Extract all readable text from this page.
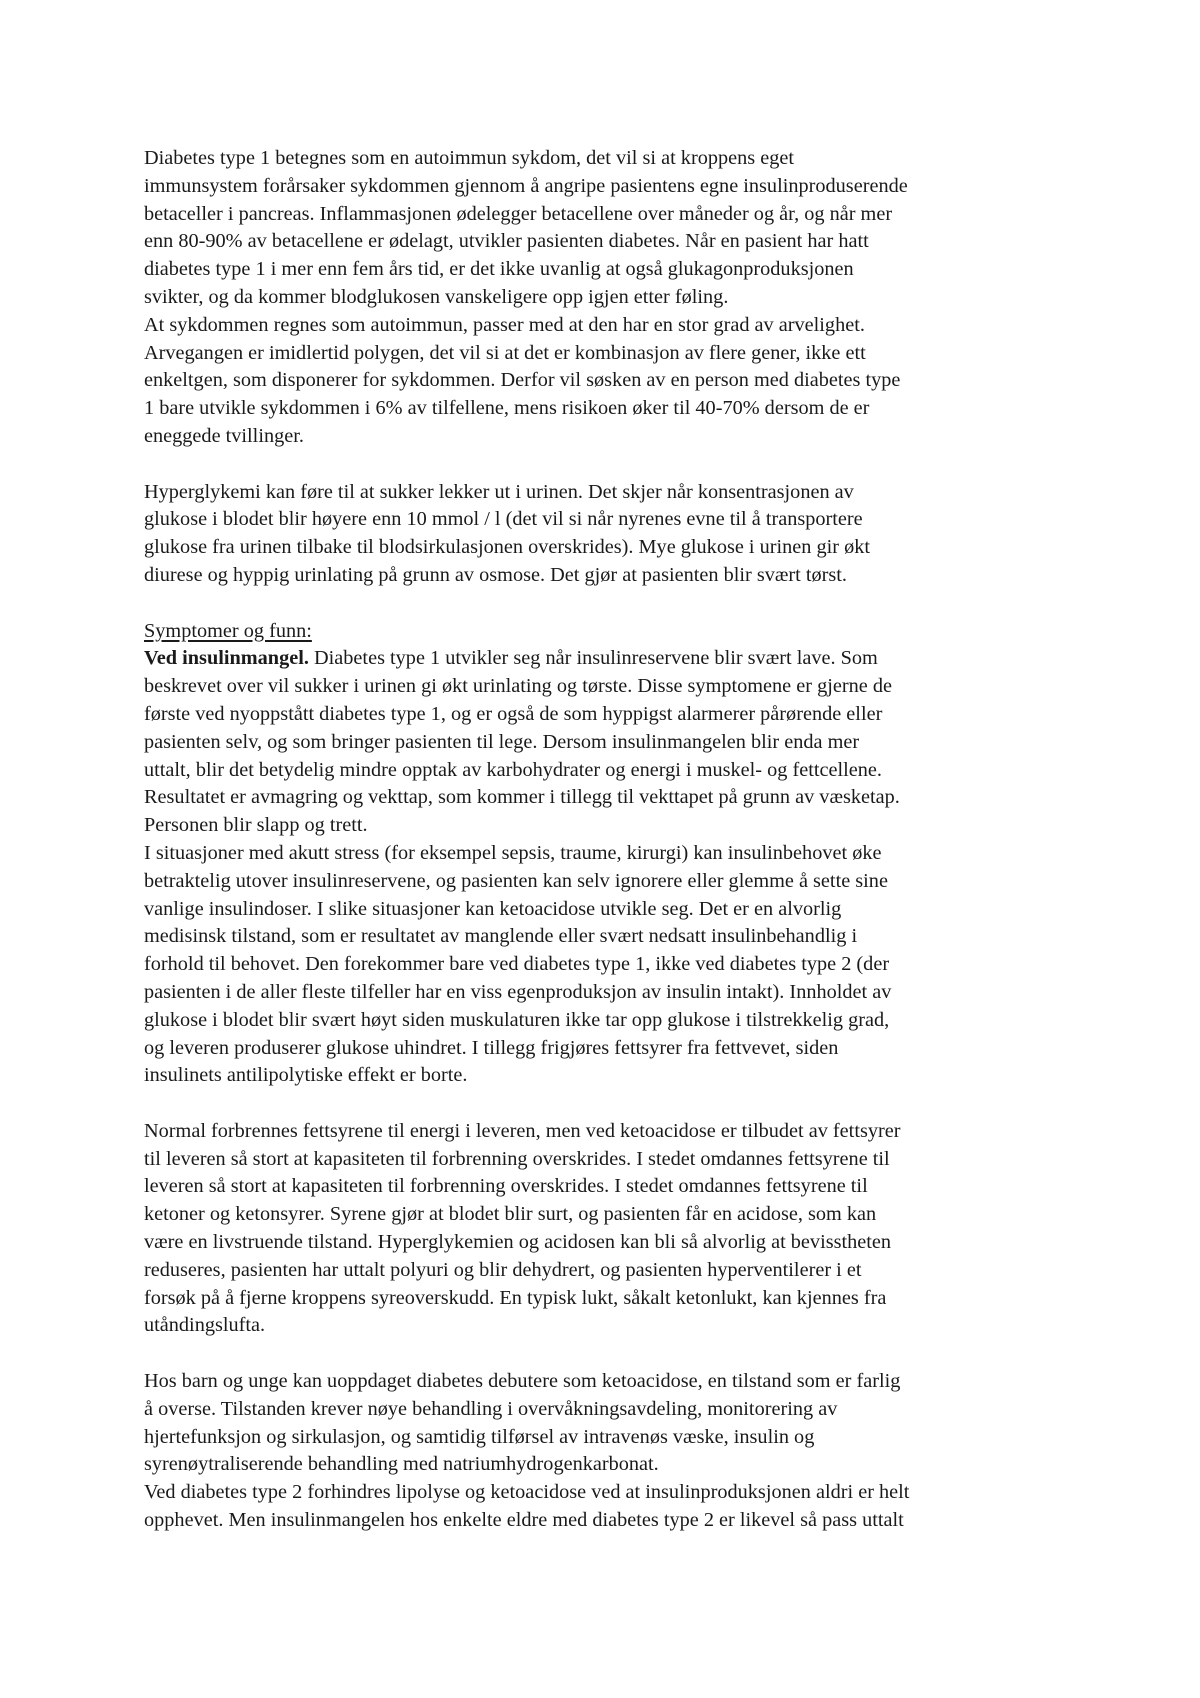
Diabetes type 1 betegnes som en autoimmun sykdom, det vil si at kroppens eget
immunsystem forårsaker sykdommen gjennom å angripe pasientens egne insulinproduserende
betaceller i pancreas. Inflammasjonen ødelegger betacellene over måneder og år, og når mer
enn 80-90% av betacellene er ødelagt, utvikler pasienten diabetes. Når en pasient har hatt
diabetes type 1 i mer enn fem års tid, er det ikke uvanlig at også glukagonproduksjonen
svikter, og da kommer blodglukosen vanskeligere opp igjen etter føling.
At sykdommen regnes som autoimmun, passer med at den har en stor grad av arvelighet.
Arvegangen er imidlertid polygen, det vil si at det er kombinasjon av flere gener, ikke ett
enkeltgen, som disponerer for sykdommen. Derfor vil søsken av en person med diabetes type
1 bare utvikle sykdommen i 6% av tilfellene, mens risikoen øker til 40-70% dersom de er
eneggede tvillinger.
Hyperglykemi kan føre til at sukker lekker ut i urinen. Det skjer når konsentrasjonen av
glukose i blodet blir høyere enn 10 mmol / l (det vil si når nyrenes evne til å transportere
glukose fra urinen tilbake til blodsirkulasjonen overskrides). Mye glukose i urinen gir økt
diurese og hyppig urinlating på grunn av osmose. Det gjør at pasienten blir svært tørst.
Symptomer og funn:
Ved insulinmangel. Diabetes type 1 utvikler seg når insulinreservene blir svært lave. Som
beskrevet over vil sukker i urinen gi økt urinlating og tørste. Disse symptomene er gjerne de
første ved nyoppstått diabetes type 1, og er også de som hyppigst alarmerer pårørende eller
pasienten selv, og som bringer pasienten til lege. Dersom insulinmangelen blir enda mer
uttalt, blir det betydelig mindre opptak av karbohydrater og energi i muskel- og fettcellene.
Resultatet er avmagring og vekttap, som kommer i tillegg til vekttapet på grunn av væsketap.
Personen blir slapp og trett.
I situasjoner med akutt stress (for eksempel sepsis, traume, kirurgi) kan insulinbehovet øke
betraktelig utover insulinreservene, og pasienten kan selv ignorere eller glemme å sette sine
vanlige insulindoser. I slike situasjoner kan ketoacidose utvikle seg. Det er en alvorlig
medisinsk tilstand, som er resultatet av manglende eller svært nedsatt insulinbehandlig i
forhold til behovet. Den forekommer bare ved diabetes type 1, ikke ved diabetes type 2 (der
pasienten i de aller fleste tilfeller har en viss egenproduksjon av insulin intakt). Innholdet av
glukose i blodet blir svært høyt siden muskulaturen ikke tar opp glukose i tilstrekkelig grad,
og leveren produserer glukose uhindret. I tillegg frigjøres fettsyrer fra fettvevet, siden
insulinets antilipolytiske effekt er borte.
Normal forbrennes fettsyrene til energi i leveren, men ved ketoacidose er tilbudet av fettsyrer
til leveren så stort at kapasiteten til forbrenning overskrides. I stedet omdannes fettsyrene til
leveren så stort at kapasiteten til forbrenning overskrides. I stedet omdannes fettsyrene til
ketoner og ketonsyrer. Syrene gjør at blodet blir surt, og pasienten får en acidose, som kan
være en livstruende tilstand. Hyperglykemien og acidosen kan bli så alvorlig at bevisstheten
reduseres, pasienten har uttalt polyuri og blir dehydrert, og pasienten hyperventilerer i et
forsøk på å fjerne kroppens syreoverskudd. En typisk lukt, såkalt ketonlukt, kan kjennes fra
utåndingslufta.
Hos barn og unge kan uoppdaget diabetes debutere som ketoacidose, en tilstand som er farlig
å overse. Tilstanden krever nøye behandling i overvåkningsavdeling, monitorering av
hjertefunksjon og sirkulasjon, og samtidig tilførsel av intravenøs væske, insulin og
syrenøytraliserende behandling med natriumhydrogenkarbonat.
Ved diabetes type 2 forhindres lipolyse og ketoacidose ved at insulinproduksjonen aldri er helt
opphevet. Men insulinmangelen hos enkelte eldre med diabetes type 2 er likevel så pass uttalt
